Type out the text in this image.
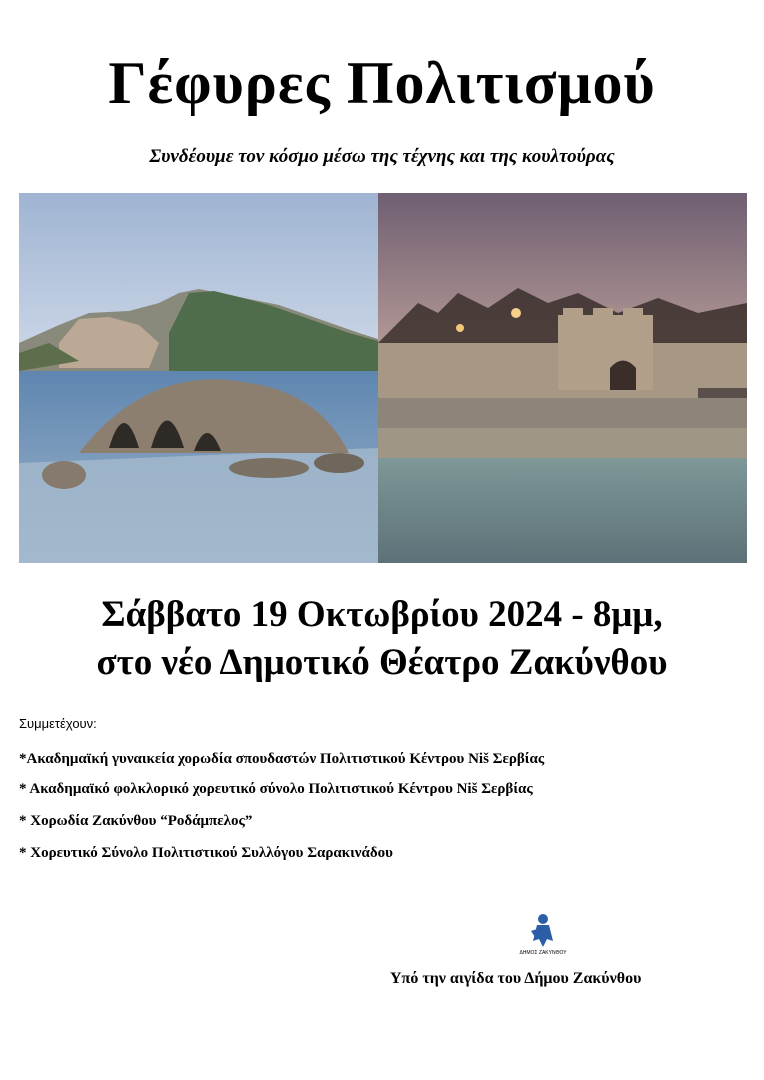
Γέφυρες Πολιτισμού
Συνδέουμε τον κόσμο μέσω της τέχνης και της κουλτούρας
Σάββατο 19 Οκτωβρίου 2024 - 8μμ,
στο νέο Δημοτικό Θέατρο Ζακύνθου
Συμμετέχουν:
*Ακαδημαϊκή γυναικεία χορωδία σπουδαστών Πολιτιστικού Κέντρου Νiš Σερβίας
* Ακαδημαϊκό φολκλορικό χορευτικό σύνολο Πολιτιστικού Κέντρου Νiš Σερβίας
* Χορωδία Ζακύνθου “Ροδάμπελος”
* Χορευτικό Σύνολο Πολιτιστικού Συλλόγου Σαρακινάδου
ΔΗΜΟΣ ΖΑΚΥΝΘΟΥ
Υπό την αιγίδα του Δήμου Ζακύνθου
